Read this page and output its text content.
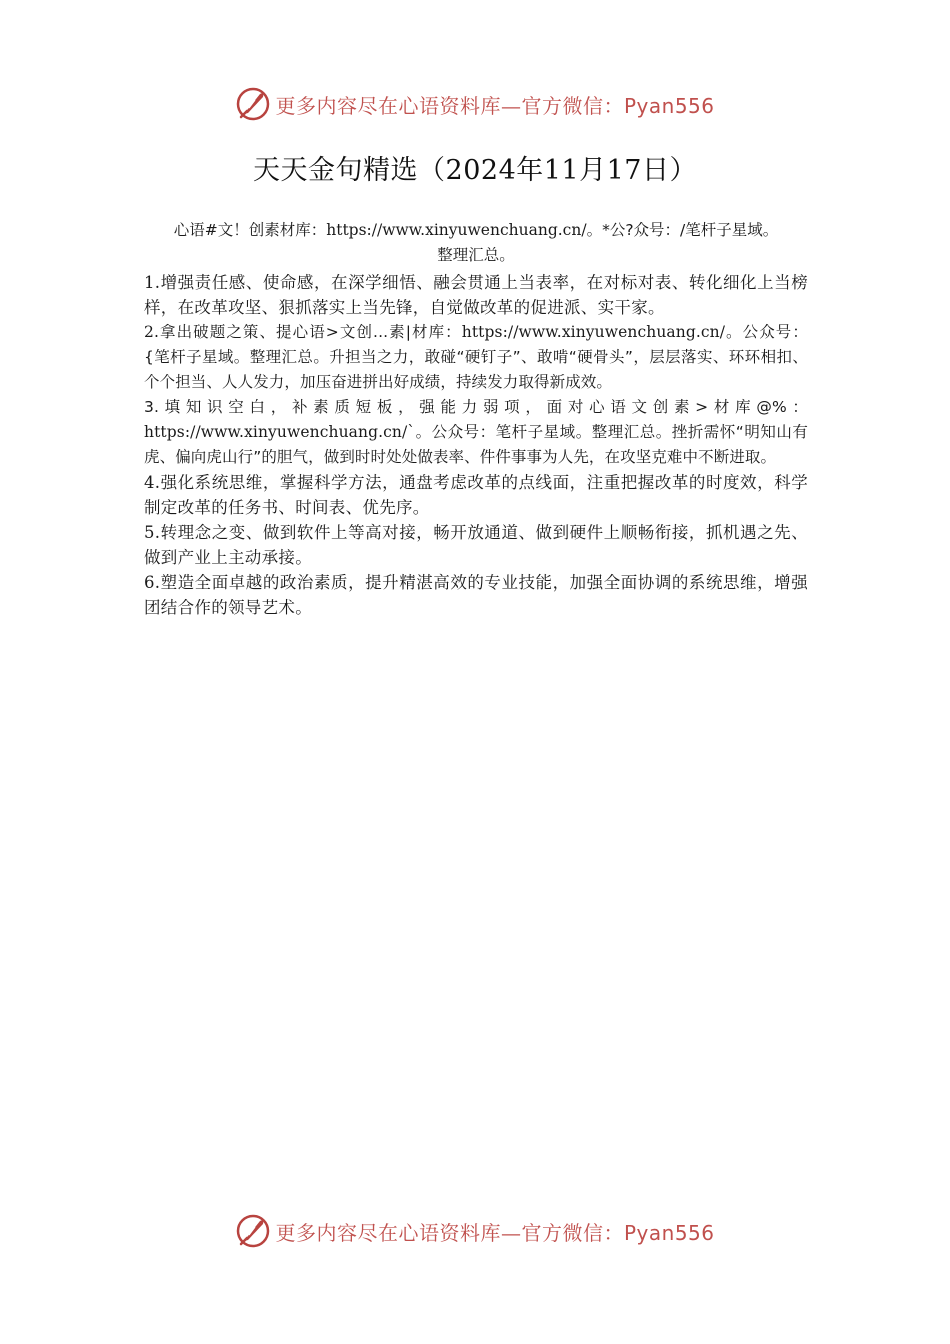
更多内容尽在心语资料库—官方微信：Pyan556
天天金句精选（2024年11月17日）

心语#文！创素材库：https://www.xinyuwenchuang.cn/。*公?众号：/笔杆子星域。
整理汇总。

1.增强责任感、使命感，在深学细悟、融会贯通上当表率，在对标对表、转化细化上当榜样，在改革攻坚、狠抓落实上当先锋，自觉做改革的促进派、实干家。

2.拿出破题之策、提心语>文创...素|材库：https://www.xinyuwenchuang.cn/。公众号：{笔杆子星域。整理汇总。升担当之力，敢碰“硬钉子”、敢啃“硬骨头”，层层落实、环环相扣、个个担当、人人发力，加压奋进拼出好成绩，持续发力取得新成效。

3.填知识空白，补素质短板，强能力弱项，面对心语文创素>材库@%：https://www.xinyuwenchuang.cn/`。公众号：笔杆子星域。整理汇总。挫折需怀“明知山有虎、偏向虎山行”的胆气，做到时时处处做表率、件件事事为人先，在攻坚克难中不断进取。

4.强化系统思维，掌握科学方法，通盘考虑改革的点线面，注重把握改革的时度效，科学制定改革的任务书、时间表、优先序。

5.转理念之变、做到软件上等高对接，畅开放通道、做到硬件上顺畅衔接，抓机遇之先、做到产业上主动承接。

6.塑造全面卓越的政治素质，提升精湛高效的专业技能，加强全面协调的系统思维，增强团结合作的领导艺术。

更多内容尽在心语资料库—官方微信：Pyan556
